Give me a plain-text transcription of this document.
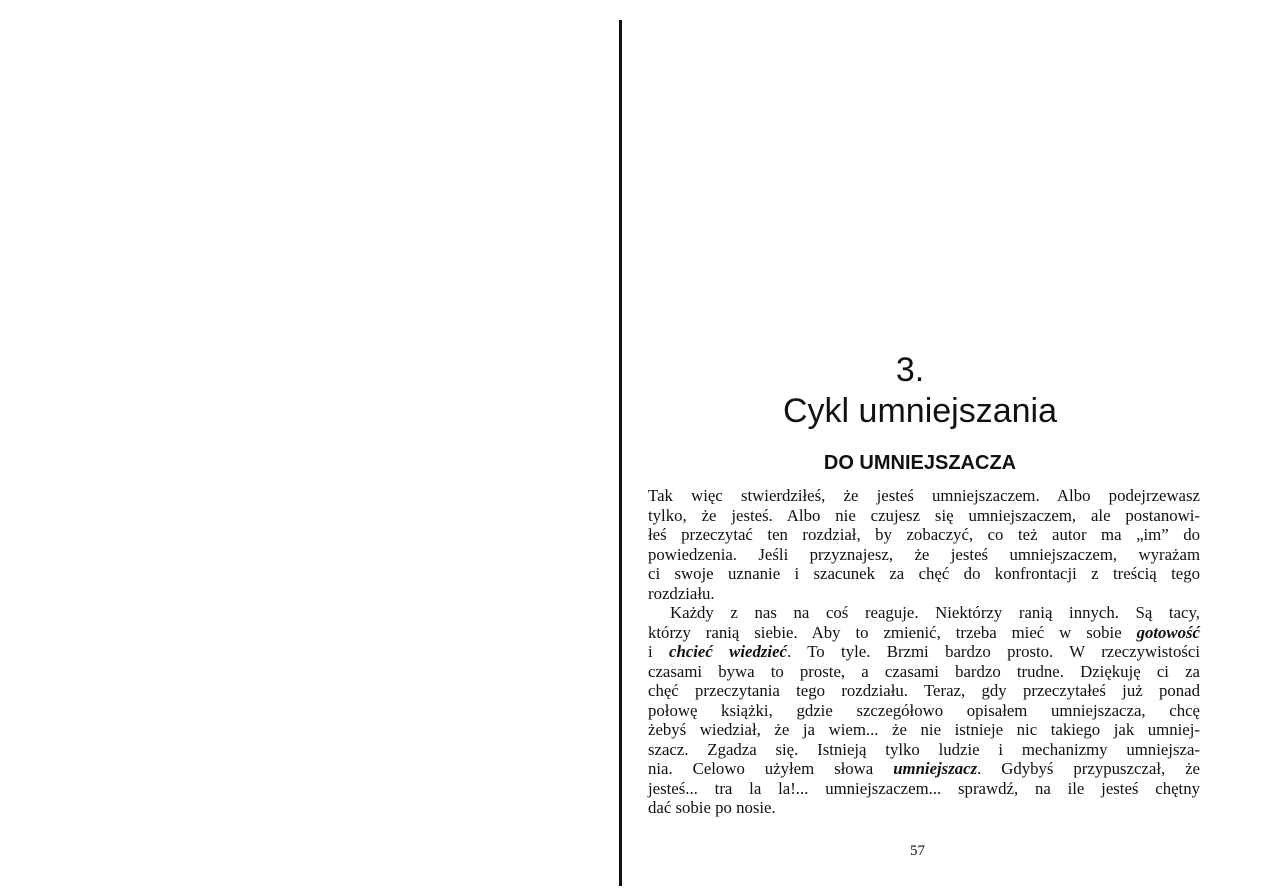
3.
Cykl umniejszania
DO UMNIEJSZACZA
Tak więc stwierdziłeś, że jesteś umniejszaczem. Albo podejrzewasz
tylko, że jesteś. Albo nie czujesz się umniejszaczem, ale postanowi-
łeś przeczytać ten rozdział, by zobaczyć, co też autor ma „im” do
powiedzenia. Jeśli przyznajesz, że jesteś umniejszaczem, wyrażam
ci swoje uznanie i szacunek za chęć do konfrontacji z treścią tego
rozdziału.
Każdy z nas na coś reaguje. Niektórzy ranią innych. Są tacy,
którzy ranią siebie. Aby to zmienić, trzeba mieć w sobie gotowość
i chcieć wiedzieć. To tyle. Brzmi bardzo prosto. W rzeczywistości
czasami bywa to proste, a czasami bardzo trudne. Dziękuję ci za
chęć przeczytania tego rozdziału. Teraz, gdy przeczytałeś już ponad
połowę książki, gdzie szczegółowo opisałem umniejszacza, chcę
żebyś wiedział, że ja wiem... że nie istnieje nic takiego jak umniej-
szacz. Zgadza się. Istnieją tylko ludzie i mechanizmy umniejsza-
nia. Celowo użyłem słowa umniejszacz. Gdybyś przypuszczał, że
jesteś... tra la la!... umniejszaczem... sprawdź, na ile jesteś chętny
dać sobie po nosie.
57
